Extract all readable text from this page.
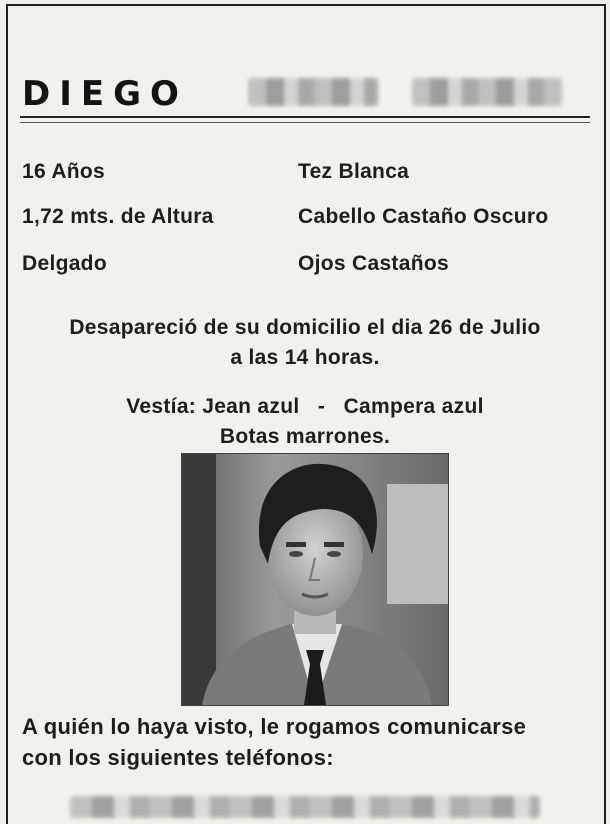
DIEGO
16 Años
1,72 mts. de Altura
Delgado
Tez Blanca
Cabello Castaño Oscuro
Ojos Castaños
Desapareció de su domicilio el dia 26 de Julio
a las 14 horas.
Vestía: Jean azul   -   Campera azul
Botas marrones.
A quién lo haya visto, le rogamos comunicarse
con los siguientes teléfonos:
